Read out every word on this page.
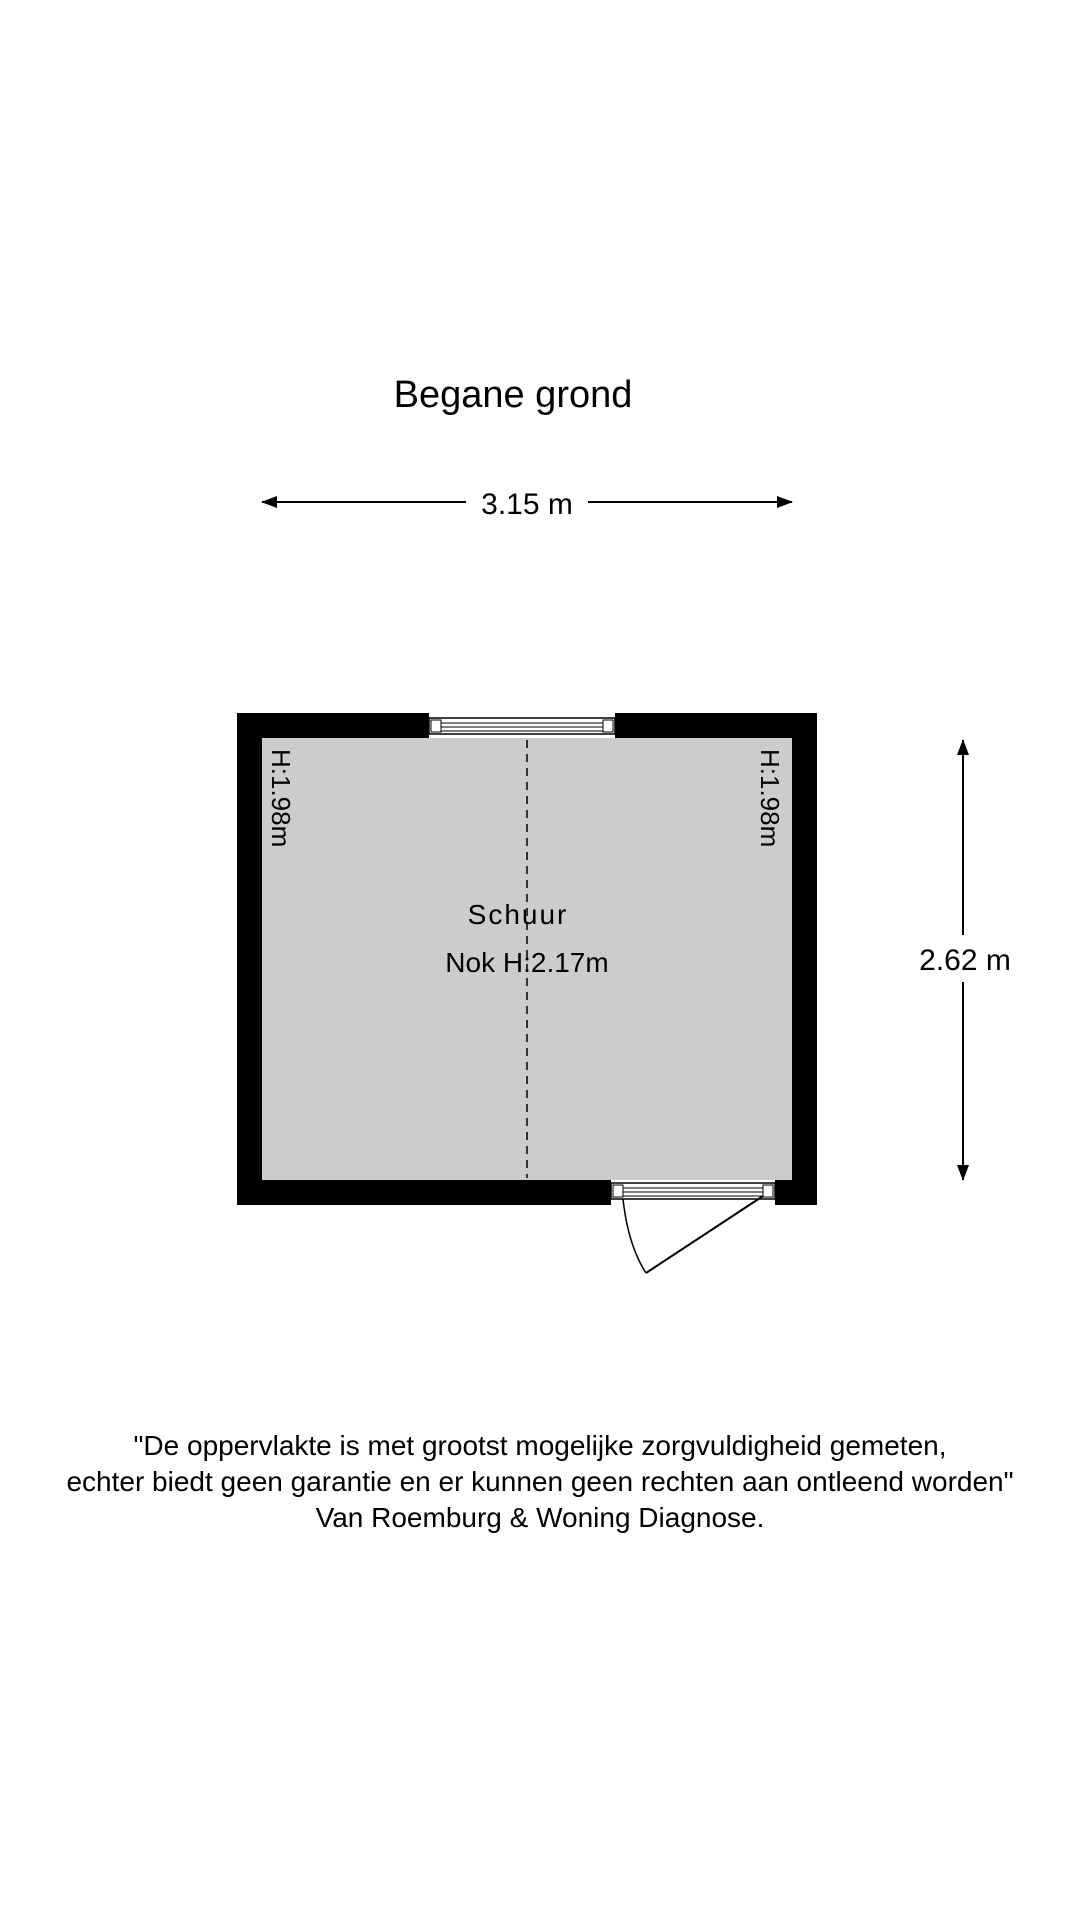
Begane grond
3.15 m
2.62 m
Schuur
Nok H:2.17m
H:1.98m	H:1.98m
"De oppervlakte is met grootst mogelijke zorgvuldigheid gemeten,
echter biedt geen garantie en er kunnen geen rechten aan ontleend worden"
Van Roemburg & Woning Diagnose.
